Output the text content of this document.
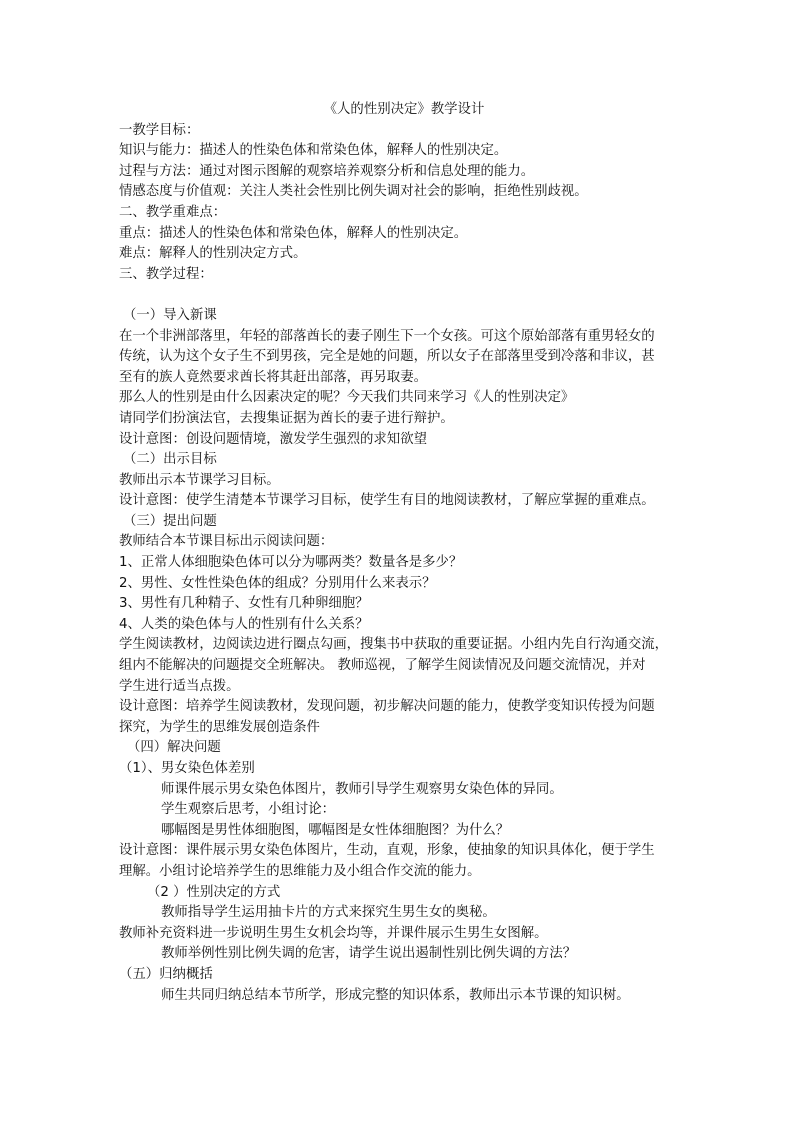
《人的性别决定》教学设计
一教学目标：
知识与能力：描述人的性染色体和常染色体，解释人的性别决定。
过程与方法：通过对图示图解的观察培养观察分析和信息处理的能力。
情感态度与价值观：关注人类社会性别比例失调对社会的影响，拒绝性别歧视。
二、教学重难点：
重点：描述人的性染色体和常染色体，解释人的性别决定。
难点：解释人的性别决定方式。
三、教学过程：
（一）导入新课
在一个非洲部落里，年轻的部落酋长的妻子刚生下一个女孩。可这个原始部落有重男轻女的
传统，认为这个女子生不到男孩，完全是她的问题，所以女子在部落里受到冷落和非议，甚
至有的族人竟然要求酋长将其赶出部落，再另取妻。
那么人的性别是由什么因素决定的呢？今天我们共同来学习《人的性别决定》
请同学们扮演法官，去搜集证据为酋长的妻子进行辩护。
设计意图：创设问题情境，激发学生强烈的求知欲望
（二）出示目标
教师出示本节课学习目标。
设计意图：使学生清楚本节课学习目标，使学生有目的地阅读教材，了解应掌握的重难点。
（三）提出问题
教师结合本节课目标出示阅读问题：
1、正常人体细胞染色体可以分为哪两类？数量各是多少？
2、男性、女性性染色体的组成？分别用什么来表示？
3、男性有几种精子、女性有几种卵细胞？
4、人类的染色体与人的性别有什么关系？
学生阅读教材，边阅读边进行圈点勾画，搜集书中获取的重要证据。小组内先自行沟通交流，
组内不能解决的问题提交全班解决。 教师巡视，了解学生阅读情况及问题交流情况，并对
学生进行适当点拨。
设计意图：培养学生阅读教材，发现问题，初步解决问题的能力，使教学变知识传授为问题
探究，为学生的思维发展创造条件
（四）解决问题
（1）、男女染色体差别
师课件展示男女染色体图片，教师引导学生观察男女染色体的异同。
学生观察后思考，小组讨论：
哪幅图是男性体细胞图，哪幅图是女性体细胞图？为什么？
设计意图：课件展示男女染色体图片，生动，直观，形象，使抽象的知识具体化，便于学生
理解。小组讨论培养学生的思维能力及小组合作交流的能力。
（2 ）性别决定的方式
教师指导学生运用抽卡片的方式来探究生男生女的奥秘。
教师补充资料进一步说明生男生女机会均等，并课件展示生男生女图解。
教师举例性别比例失调的危害，请学生说出遏制性别比例失调的方法？
（五）归纳概括
师生共同归纳总结本节所学，形成完整的知识体系，教师出示本节课的知识树。
